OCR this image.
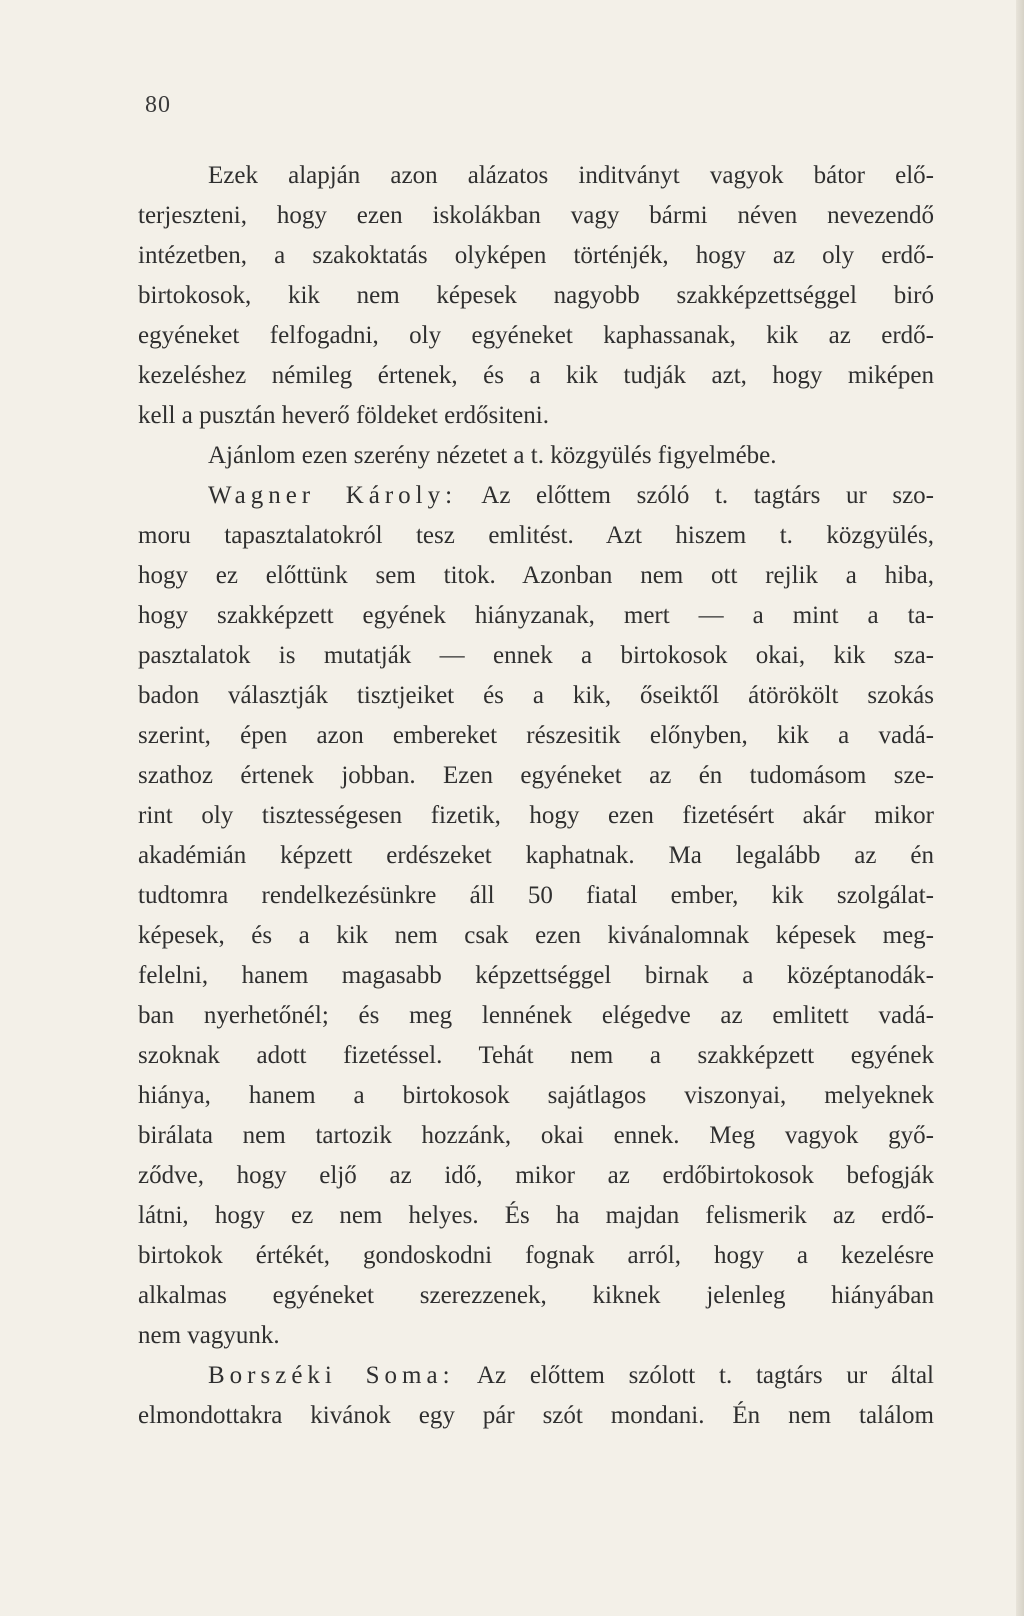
80
Ezek alapján azon alázatos inditványt vagyok bátor elő-
terjeszteni, hogy ezen iskolákban vagy bármi néven nevezendő
intézetben, a szakoktatás olyképen történjék, hogy az oly erdő-
birtokosok, kik nem képesek nagyobb szakképzettséggel biró
egyéneket felfogadni, oly egyéneket kaphassanak, kik az erdő-
kezeléshez némileg értenek, és a kik tudják azt, hogy miképen
kell a pusztán heverő földeket erdősiteni.
Ajánlom ezen szerény nézetet a t. közgyülés figyelmébe.
Wagner Károly: Az előttem szóló t. tagtárs ur szo-
moru tapasztalatokról tesz emlitést. Azt hiszem t. közgyülés,
hogy ez előttünk sem titok. Azonban nem ott rejlik a hiba,
hogy szakképzett egyének hiányzanak, mert — a mint a ta-
pasztalatok is mutatják — ennek a birtokosok okai, kik sza-
badon választják tisztjeiket és a kik, őseiktől átörökölt szokás
szerint, épen azon embereket részesitik előnyben, kik a vadá-
szathoz értenek jobban. Ezen egyéneket az én tudomásom sze-
rint oly tisztességesen fizetik, hogy ezen fizetésért akár mikor
akadémián képzett erdészeket kaphatnak. Ma legalább az én
tudtomra rendelkezésünkre áll 50 fiatal ember, kik szolgálat-
képesek, és a kik nem csak ezen kivánalomnak képesek meg-
felelni, hanem magasabb képzettséggel birnak a középtanodák-
ban nyerhetőnél; és meg lennének elégedve az emlitett vadá-
szoknak adott fizetéssel. Tehát nem a szakképzett egyének
hiánya, hanem a birtokosok sajátlagos viszonyai, melyeknek
birálata nem tartozik hozzánk, okai ennek. Meg vagyok győ-
ződve, hogy eljő az idő, mikor az erdőbirtokosok befogják
látni, hogy ez nem helyes. És ha majdan felismerik az erdő-
birtokok értékét, gondoskodni fognak arról, hogy a kezelésre
alkalmas egyéneket szerezzenek, kiknek jelenleg hiányában
nem vagyunk.
Borszéki Soma: Az előttem szólott t. tagtárs ur által
elmondottakra kivánok egy pár szót mondani. Én nem találom
